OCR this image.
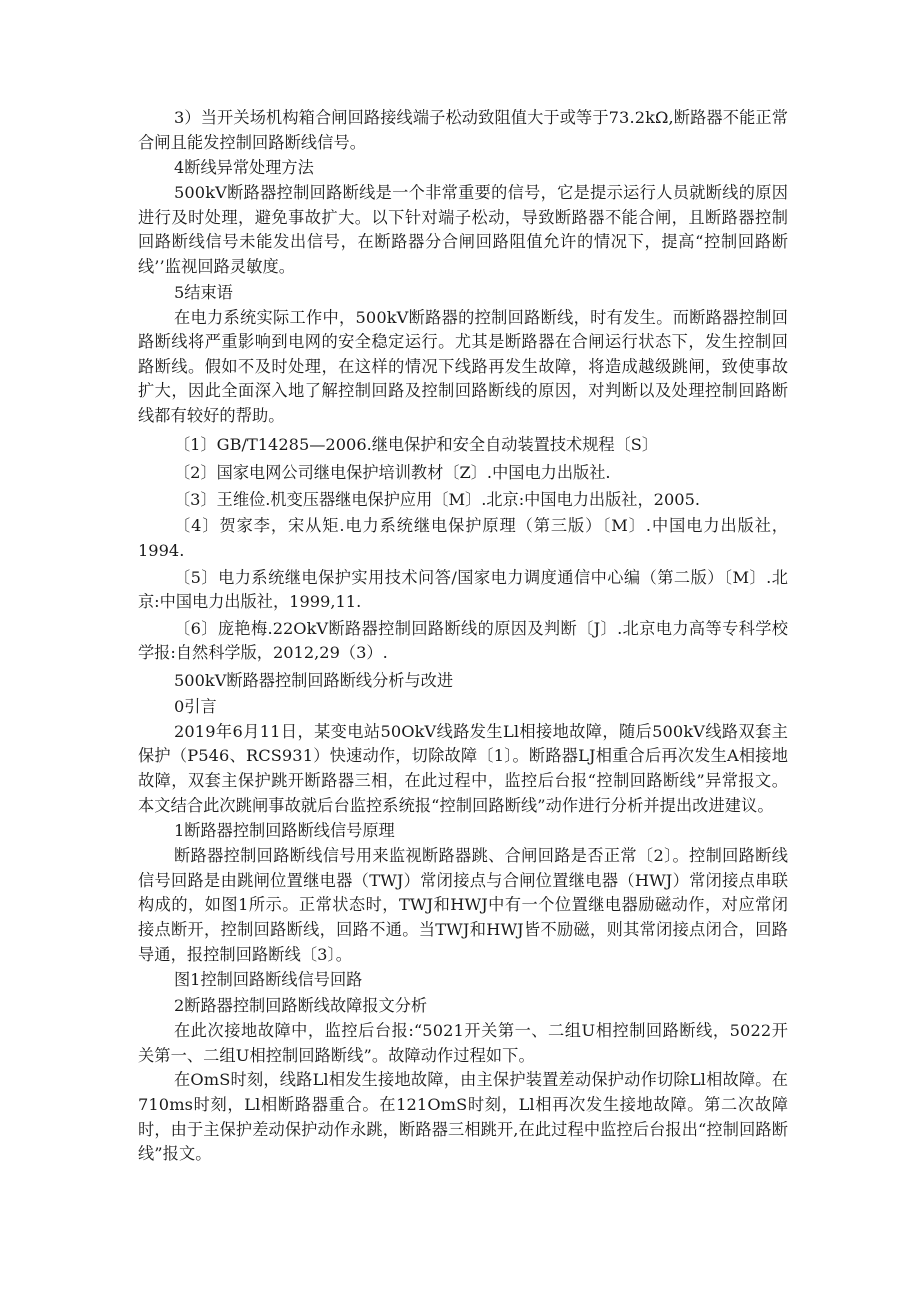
3）当开关场机构箱合闸回路接线端子松动致阻值大于或等于73.2kΩ,断路器不能正常合闸且能发控制回路断线信号。

4断线异常处理方法

500kV断路器控制回路断线是一个非常重要的信号，它是提示运行人员就断线的原因进行及时处理，避免事故扩大。以下针对端子松动，导致断路器不能合闸，且断路器控制回路断线信号未能发出信号，在断路器分合闸回路阻值允许的情况下，提高“控制回路断线’’监视回路灵敏度。

5结束语

在电力系统实际工作中，500kV断路器的控制回路断线，时有发生。而断路器控制回路断线将严重影响到电网的安全稳定运行。尤其是断路器在合闸运行状态下，发生控制回路断线。假如不及时处理，在这样的情况下线路再发生故障，将造成越级跳闸，致使事故扩大，因此全面深入地了解控制回路及控制回路断线的原因，对判断以及处理控制回路断线都有较好的帮助。

〔1〕GB/T14285—2006.继电保护和安全自动装置技术规程〔S〕

〔2〕国家电网公司继电保护培训教材〔Z〕.中国电力出版社.

〔3〕王维俭.机变压器继电保护应用〔M〕.北京:中国电力出版社，2005.

〔4〕贺家李，宋从矩.电力系统继电保护原理（第三版）〔M〕.中国电力出版社，1994.

〔5〕电力系统继电保护实用技术问答/国家电力调度通信中心编（第二版）〔M〕.北京:中国电力出版社，1999,11.

〔6〕庞艳梅.22OkV断路器控制回路断线的原因及判断〔J〕.北京电力高等专科学校学报:自然科学版，2012,29（3）.

500kV断路器控制回路断线分析与改进

0引言

2019年6月11日，某变电站50OkV线路发生Ll相接地故障，随后500kV线路双套主保护（P546、RCS931）快速动作，切除故障〔1〕。断路器LJ相重合后再次发生A相接地故障，双套主保护跳开断路器三相，在此过程中，监控后台报“控制回路断线”异常报文。本文结合此次跳闸事故就后台监控系统报“控制回路断线”动作进行分析并提出改进建议。

1断路器控制回路断线信号原理

断路器控制回路断线信号用来监视断路器跳、合闸回路是否正常〔2〕。控制回路断线信号回路是由跳闸位置继电器（TWJ）常闭接点与合闸位置继电器（HWJ）常闭接点串联构成的，如图1所示。正常状态时，TWJ和HWJ中有一个位置继电器励磁动作，对应常闭接点断开，控制回路断线，回路不通。当TWJ和HWJ皆不励磁，则其常闭接点闭合，回路导通，报控制回路断线〔3〕。

图1控制回路断线信号回路

2断路器控制回路断线故障报文分析

在此次接地故障中，监控后台报:“5021开关第一、二组U相控制回路断线，5022开关第一、二组U相控制回路断线”。故障动作过程如下。

在OmS时刻，线路Ll相发生接地故障，由主保护装置差动保护动作切除Ll相故障。在710ms时刻，Ll相断路器重合。在121OmS时刻，Ll相再次发生接地故障。第二次故障时，由于主保护差动保护动作永跳，断路器三相跳开,在此过程中监控后台报出“控制回路断线”报文。
